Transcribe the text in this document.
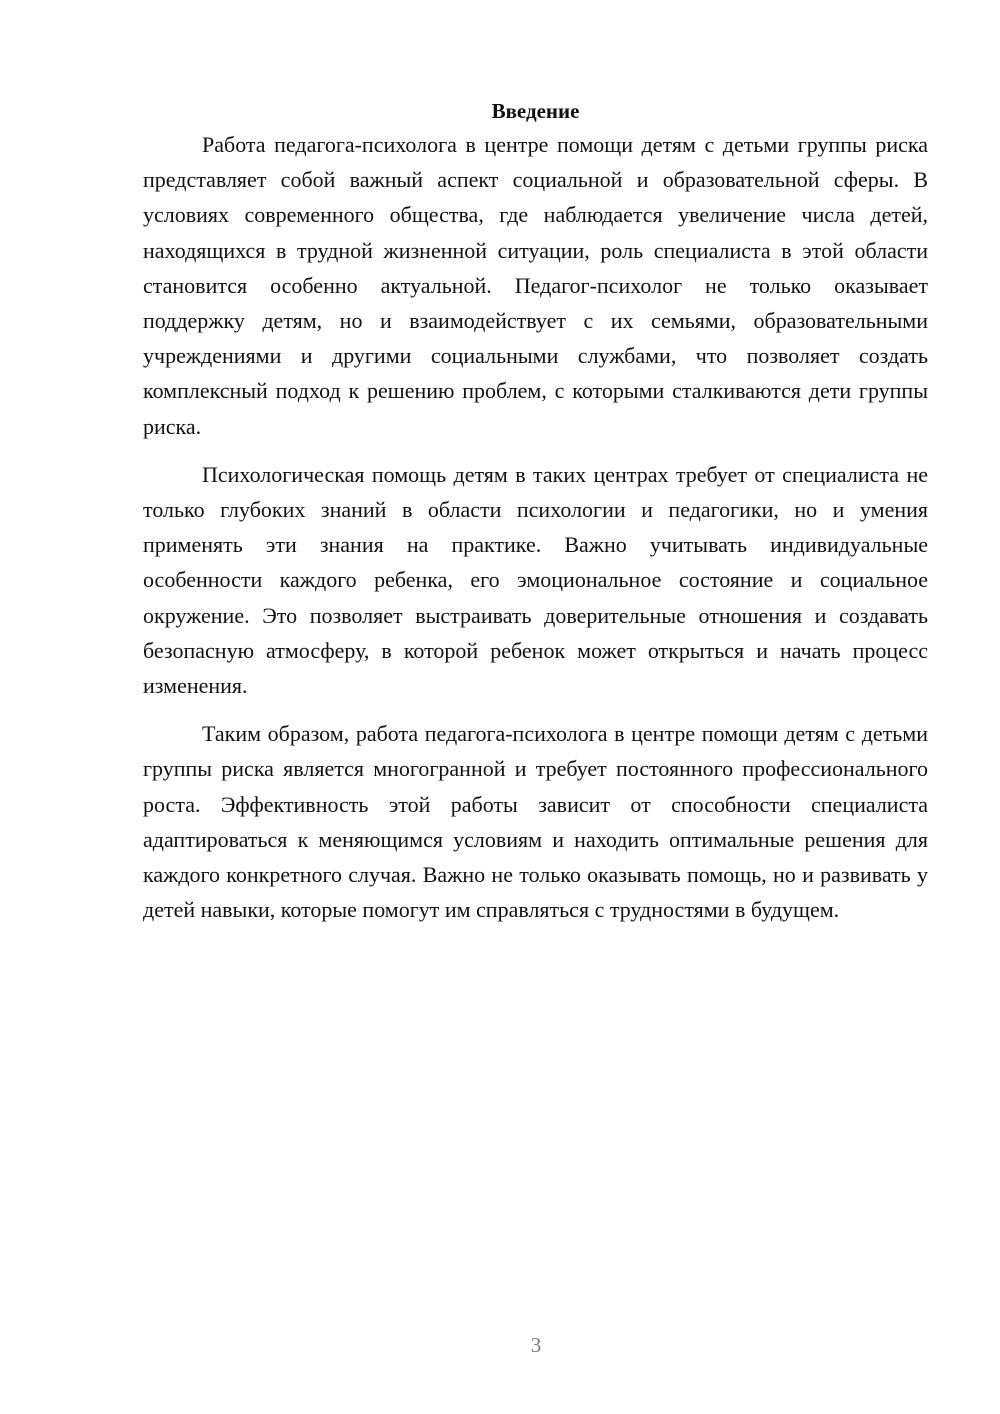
Введение

Работа педагога-психолога в центре помощи детям с детьми группы риска представляет собой важный аспект социальной и образовательной сферы. В условиях современного общества, где наблюдается увеличение числа детей, находящихся в трудной жизненной ситуации, роль специалиста в этой области становится особенно актуальной. Педагог-психолог не только оказывает поддержку детям, но и взаимодействует с их семьями, образовательными учреждениями и другими социальными службами, что позволяет создать комплексный подход к решению проблем, с которыми сталкиваются дети группы риска.

Психологическая помощь детям в таких центрах требует от специалиста не только глубоких знаний в области психологии и педагогики, но и умения применять эти знания на практике. Важно учитывать индивидуальные особенности каждого ребенка, его эмоциональное состояние и социальное окружение. Это позволяет выстраивать доверительные отношения и создавать безопасную атмосферу, в которой ребенок может открыться и начать процесс изменения.

Таким образом, работа педагога-психолога в центре помощи детям с детьми группы риска является многогранной и требует постоянного профессионального роста. Эффективность этой работы зависит от способности специалиста адаптироваться к меняющимся условиям и находить оптимальные решения для каждого конкретного случая. Важно не только оказывать помощь, но и развивать у детей навыки, которые помогут им справляться с трудностями в будущем.

3
